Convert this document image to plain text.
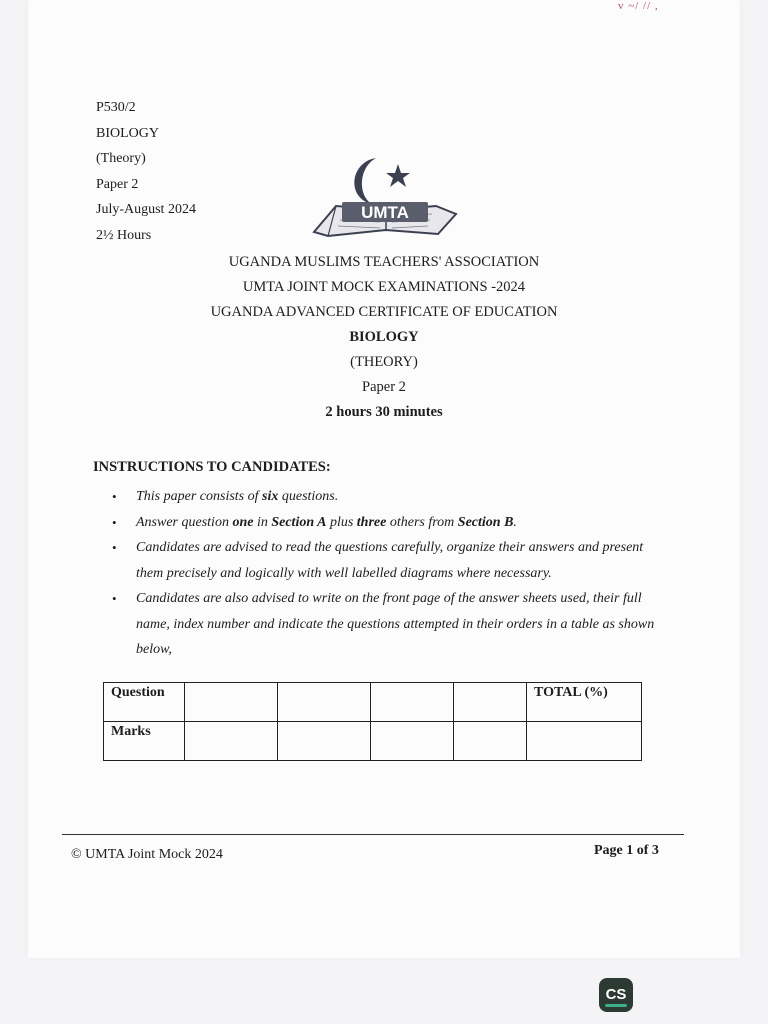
v ~/ // ,
P530/2
BIOLOGY
(Theory)
Paper 2
July-August 2024
2½ Hours
UMTA
UGANDA MUSLIMS TEACHERS' ASSOCIATION
UMTA JOINT MOCK EXAMINATIONS -2024
UGANDA ADVANCED CERTIFICATE OF EDUCATION
BIOLOGY
(THEORY)
Paper 2
2 hours 30 minutes
INSTRUCTIONS TO CANDIDATES:
• This paper consists of six questions.
• Answer question one in Section A plus three others from Section B.
• Candidates are advised to read the questions carefully, organize their answers and present them precisely and logically with well labelled diagrams where necessary.
• Candidates are also advised to write on the front page of the answer sheets used, their full name, index number and indicate the questions attempted in their orders in a table as shown below,
Question					TOTAL (%)
Marks					
© UMTA Joint Mock 2024	Page 1 of 3
CS
